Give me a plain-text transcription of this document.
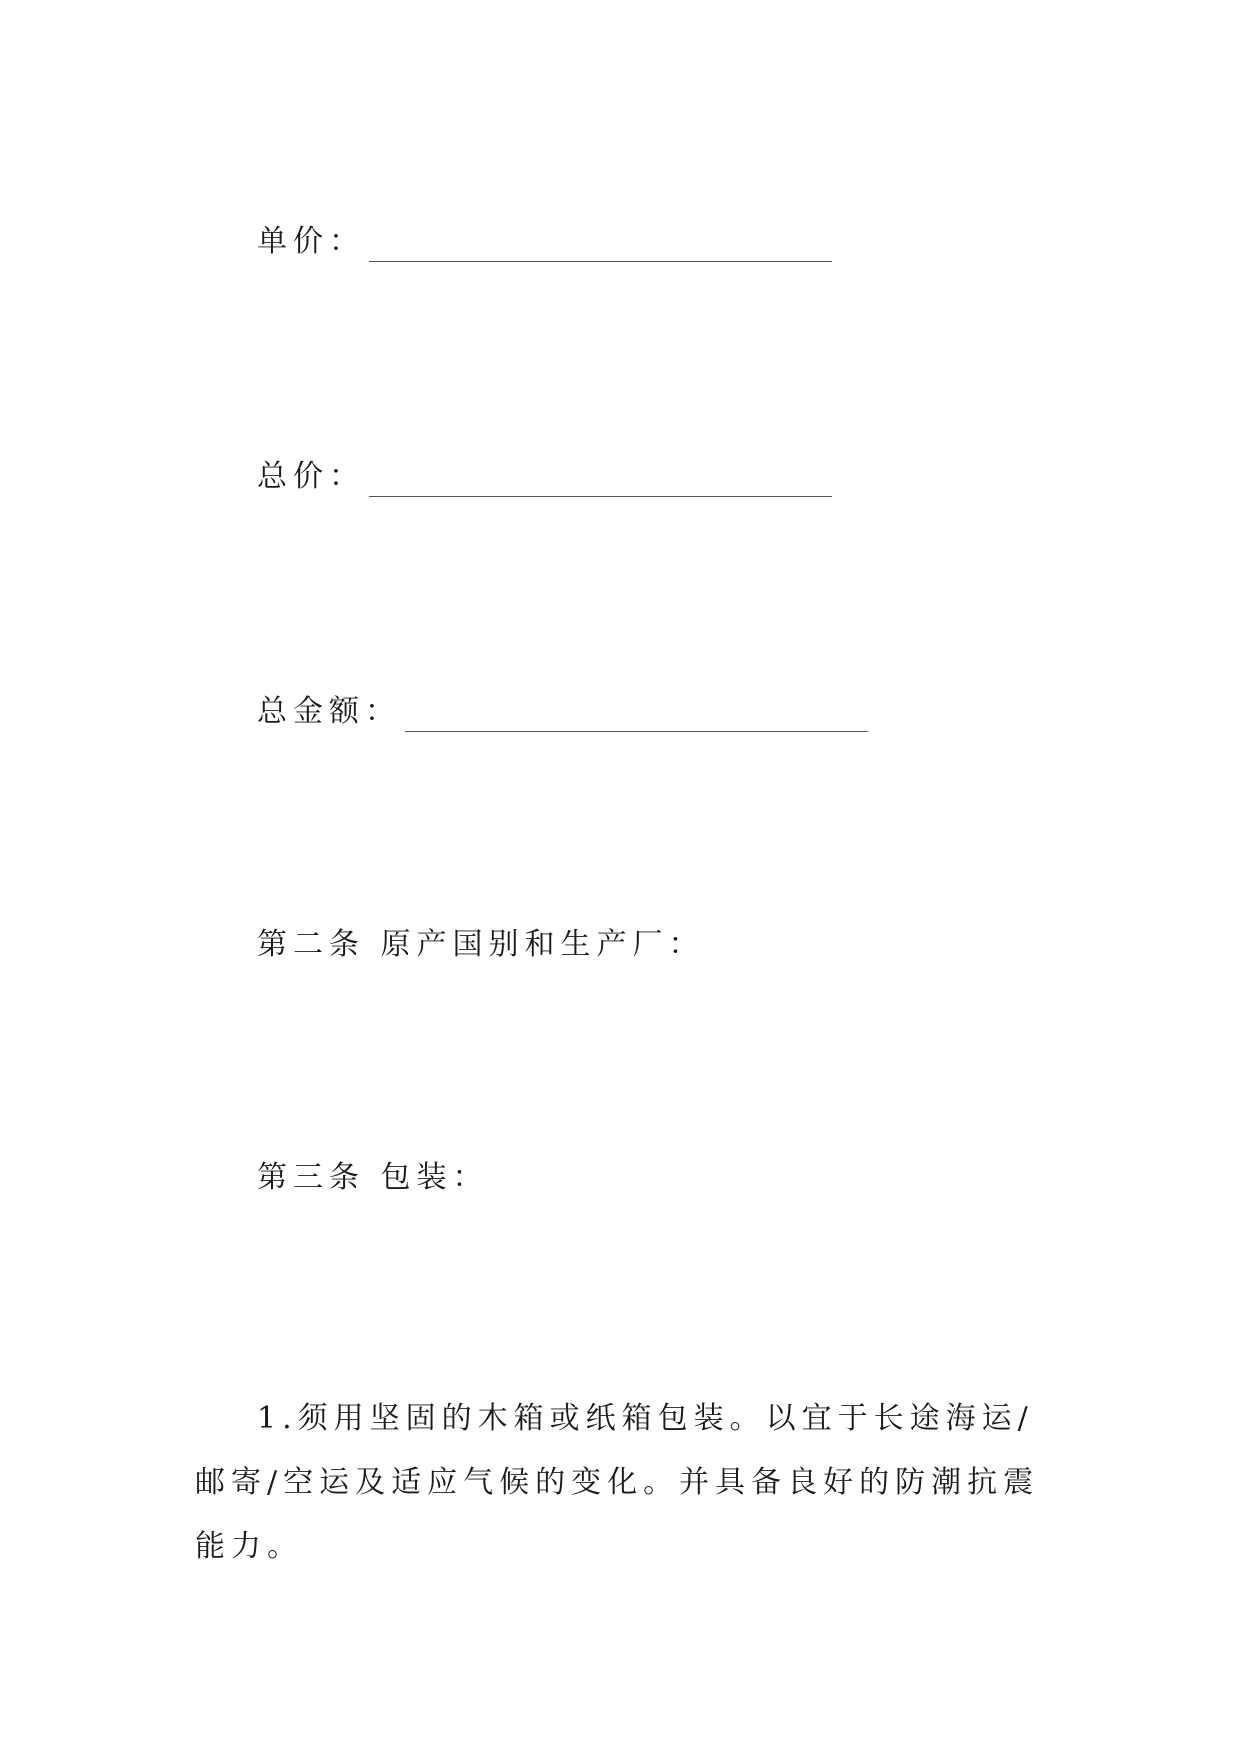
单价：
总价：
总金额：
第二条 原产国别和生产厂：
第三条 包装：
1.须用坚固的木箱或纸箱包装。以宜于长途海运/邮寄/空运及适应气候的变化。并具备良好的防潮抗震能力。
